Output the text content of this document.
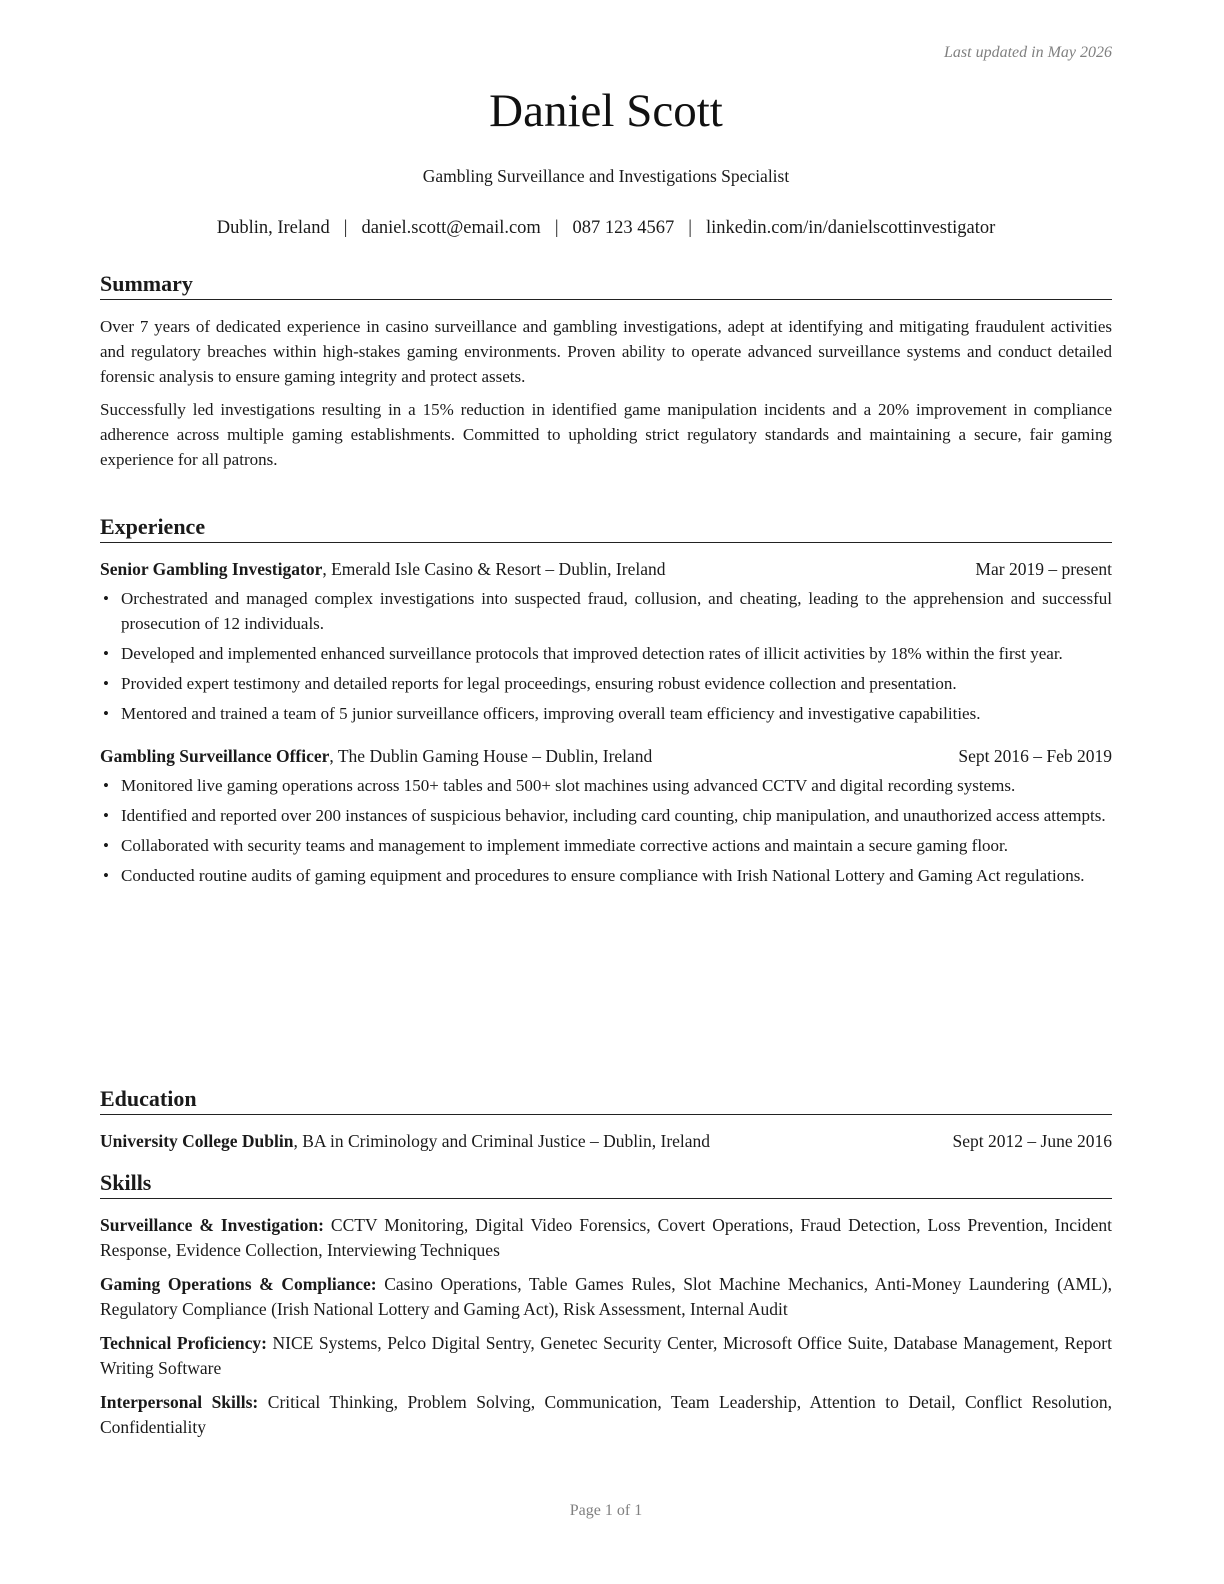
Last updated in May 2026
Daniel Scott
Gambling Surveillance and Investigations Specialist
Dublin, Ireland | daniel.scott@email.com | 087 123 4567 | linkedin.com/in/danielscottinvestigator
Summary

Over 7 years of dedicated experience in casino surveillance and gambling investigations, adept at identifying and mitigating fraudulent activities and regulatory breaches within high-stakes gaming environments. Proven ability to operate advanced surveillance systems and conduct detailed forensic analysis to ensure gaming integrity and protect assets.

Successfully led investigations resulting in a 15% reduction in identified game manipulation incidents and a 20% improvement in compliance adherence across multiple gaming establishments. Committed to upholding strict regulatory standards and maintaining a secure, fair gaming experience for all patrons.

Experience
Senior Gambling Investigator, Emerald Isle Casino & Resort – Dublin, Ireland	Mar 2019 – present
• Orchestrated and managed complex investigations into suspected fraud, collusion, and cheating, leading to the apprehension and successful prosecution of 12 individuals.
• Developed and implemented enhanced surveillance protocols that improved detection rates of illicit activities by 18% within the first year.
• Provided expert testimony and detailed reports for legal proceedings, ensuring robust evidence collection and presentation.
• Mentored and trained a team of 5 junior surveillance officers, improving overall team efficiency and investigative capabilities.
Gambling Surveillance Officer, The Dublin Gaming House – Dublin, Ireland	Sept 2016 – Feb 2019
• Monitored live gaming operations across 150+ tables and 500+ slot machines using advanced CCTV and digital recording systems.
• Identified and reported over 200 instances of suspicious behavior, including card counting, chip manipulation, and unauthorized access attempts.
• Collaborated with security teams and management to implement immediate corrective actions and maintain a secure gaming floor.
• Conducted routine audits of gaming equipment and procedures to ensure compliance with Irish National Lottery and Gaming Act regulations.
Education
University College Dublin, BA in Criminology and Criminal Justice – Dublin, Ireland	Sept 2012 – June 2016
Skills

Surveillance & Investigation: CCTV Monitoring, Digital Video Forensics, Covert Operations, Fraud Detection, Loss Prevention, Incident Response, Evidence Collection, Interviewing Techniques

Gaming Operations & Compliance: Casino Operations, Table Games Rules, Slot Machine Mechanics, Anti-Money Laundering (AML), Regulatory Compliance (Irish National Lottery and Gaming Act), Risk Assessment, Internal Audit

Technical Proficiency: NICE Systems, Pelco Digital Sentry, Genetec Security Center, Microsoft Office Suite, Database Management, Report Writing Software

Interpersonal Skills: Critical Thinking, Problem Solving, Communication, Team Leadership, Attention to Detail, Conflict Resolution, Confidentiality

Page 1 of 1
